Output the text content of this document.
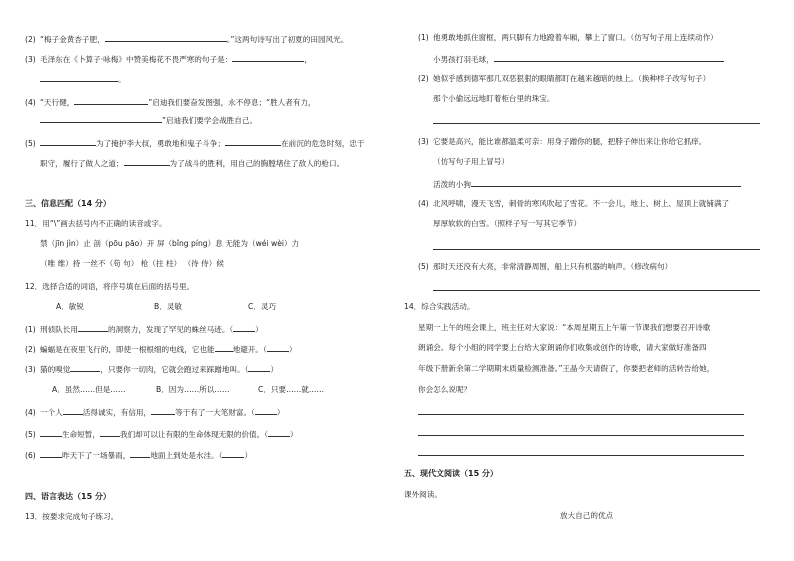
(2) “梅子金黄杏子肥，	。”这两句诗写出了初夏的田园风光。
(3) 毛泽东在《卜算子·咏梅》中赞美梅花不畏严寒的句子是：	，
。
(4) “天行健，	”启迪我们要奋发图强，永不停息；“胜人者有力，
”启迪我们要学会战胜自己。
(5)	为了掩护李大叔，勇敢地和鬼子斗争；	在前沉的危急时刻，忠于
职守，履行了做人之道；	为了战斗的胜利，用自己的胸膛堵住了敌人的枪口。
三、信息匹配（14 分）
11．用“\”画去括号内不正确的读音或字。
禁（jīn jìn）止 剖（pōu pāo）开 屏（bǐng píng）息 无能为（wéi wèi）力
（唯 维）持 一丝不（苟 句） 枪（拄 柱） （待 侍）候
12．选择合适的词语，将序号填在后面的括号里。
A．敏锐	B．灵敏	C．灵巧
(1) 刑侦队长用	的洞察力，发现了罕见的蛛丝马迹。（	）
(2) 蝙蝠是在夜里飞行的，即使一根根细的电线，它也能 地避开。（	）
(3) 猫的嗅觉	，只要你一切肉，它就会跑过来踩蹭地叫。（	）
A．虽然……但是……	B．因为……所以……	C．只要……就……
(4) 一个人	活得诚实，有信用，	等于有了一大笔财富。（	）
(5)	生命短暂，	我们却可以让有限的生命体现无限的价值。（	）
(6)	昨天下了一场暴雨，	地面上到处是水洼。（	）
四、语言表达（15 分）
13．按要求完成句子练习。
(1) 他勇敢地抓住窗框，两只脚有力地蹬着车厢，攀上了窗口。（仿写句子用上连续动作）
小男孩打羽毛球，
(2) 她似乎感到德军那几双恶狠狠的眼睛都盯在越来越暗的烛上。（换种样子改写句子）
那个小偷远远地盯着柜台里的珠宝。
(3) 它要是高兴，能比谁都温柔可亲：用身子蹭你的腿，把脖子伸出来让你给它抓痒。
（仿写句子用上冒号）
活泼的小狗
(4) 北风呼啸，漫天飞雪，刺骨的寒风吹起了雪花。不一会儿，地上、树上、屋顶上就铺满了
厚厚软软的白雪。（照样子写一写其它季节）
(5) 那时天还没有大亮，非常清静周围，船上只有机器的响声。（修改病句）
14．综合实践活动。
星期一上午的班会课上，班主任对大家说：“本周星期五上午第一节课我们想要召开诗歌
朗诵会。每个小组的同学要上台给大家朗诵你们收集或创作的诗歌，请大家做好准备四
年级下册新余第二学期期末质量检测准备。”王晶今天请假了，你要把老师的活转告给她，
你会怎么说呢？
五、现代文阅读（15 分）
课外阅读。
放大自己的优点
